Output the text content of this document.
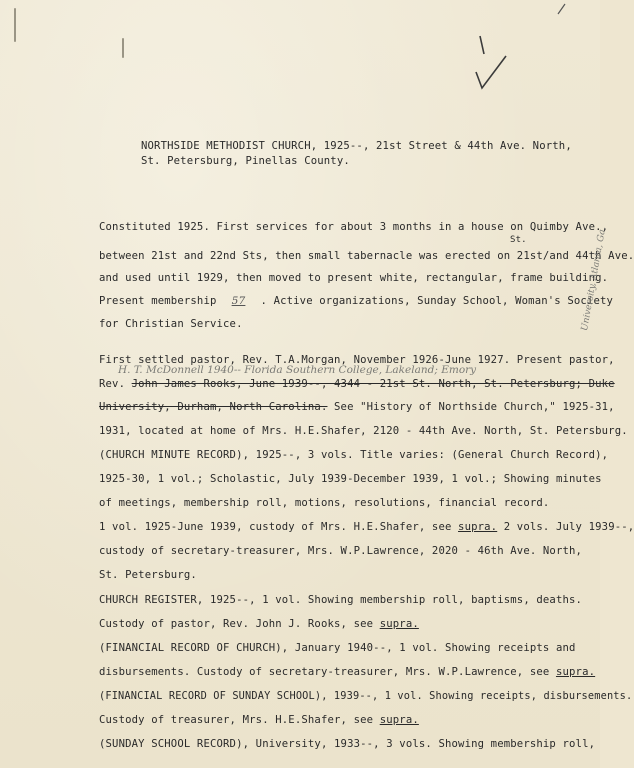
NORTHSIDE METHODIST CHURCH, 1925--, 21st Street & 44th Ave. North,
St. Petersburg, Pinellas County.
Constituted 1925. First services for about 3 months in a house on Quimby Ave.,
St.
between 21st and 22nd Sts, then small tabernacle was erected on 21st/and 44th Ave.
and used until 1929, then moved to present white, rectangular, frame building.
Present membership 57 . Active organizations, Sunday School, Woman's Society
for Christian Service.
First settled pastor, Rev. T.A.Morgan, November 1926-June 1927. Present pastor,
H. T. McDonnell 1940-- Florida Southern College, Lakeland; Emory
Rev. John James Rooks, June 1939--, 4344 - 21st St. North, St. Petersburg; Duke
University, Durham, North Carolina. See "History of Northside Church," 1925-31,
1931, located at home of Mrs. H.E.Shafer, 2120 - 44th Ave. North, St. Petersburg.
(CHURCH MINUTE RECORD), 1925--, 3 vols. Title varies: (General Church Record),
1925-30, 1 vol.; Scholastic, July 1939-December 1939, 1 vol.; Showing minutes
of meetings, membership roll, motions, resolutions, financial record.
1 vol. 1925-June 1939, custody of Mrs. H.E.Shafer, see supra. 2 vols. July 1939--,
custody of secretary-treasurer, Mrs. W.P.Lawrence, 2020 - 46th Ave. North,
St. Petersburg.
CHURCH REGISTER, 1925--, 1 vol. Showing membership roll, baptisms, deaths.
Custody of pastor, Rev. John J. Rooks, see supra.
(FINANCIAL RECORD OF CHURCH), January 1940--, 1 vol. Showing receipts and
disbursements. Custody of secretary-treasurer, Mrs. W.P.Lawrence, see supra.
(FINANCIAL RECORD OF SUNDAY SCHOOL), 1939--, 1 vol. Showing receipts, disbursements.
Custody of treasurer, Mrs. H.E.Shafer, see supra.
(SUNDAY SCHOOL RECORD), University, 1933--, 3 vols. Showing membership roll,
University, Atlanta, Ga.
